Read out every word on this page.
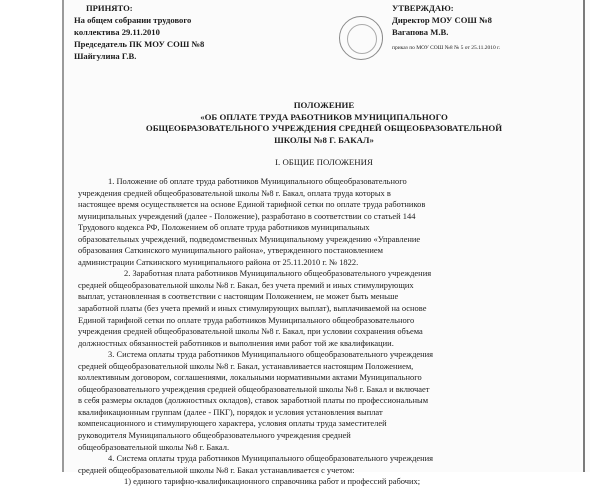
ПРИНЯТО:
На общем собрании трудового
коллектива 29.11.2010
Председатель ПК МОУ СОШ №8
Шайгулина Г.В.
УТВЕРЖДАЮ:
Директор МОУ СОШ №8
Вагапова М.В.
приказ по МОУ СОШ №8 № 5 от 25.11.2010 г.
ПОЛОЖЕНИЕ
«ОБ ОПЛАТЕ ТРУДА РАБОТНИКОВ МУНИЦИПАЛЬНОГО
ОБЩЕОБРАЗОВАТЕЛЬНОГО УЧРЕЖДЕНИЯ СРЕДНЕЙ ОБЩЕОБРАЗОВАТЕЛЬНОЙ
ШКОЛЫ №8 Г. БАКАЛ»
I. ОБЩИЕ ПОЛОЖЕНИЯ
1. Положение об оплате труда работников Муниципального общеобразовательного
учреждения средней общеобразовательной школы №8 г. Бакал, оплата труда которых в
настоящее время осуществляется на основе Единой тарифной сетки по оплате труда работников
муниципальных учреждений (далее - Положение), разработано в соответствии со статьей 144
Трудового кодекса РФ, Положением об оплате труда работников муниципальных
образовательных учреждений, подведомственных Муниципальному учреждению «Управление
образования Саткинского муниципального района», утвержденного постановлением
администрации Саткинского муниципального района от 25.11.2010 г. № 1822.
2. Заработная плата работников Муниципального общеобразовательного учреждения
средней общеобразовательной школы №8 г. Бакал, без учета премий и иных стимулирующих
выплат, установленная в соответствии с настоящим Положением, не может быть меньше
заработной платы (без учета премий и иных стимулирующих выплат), выплачиваемой на основе
Единой тарифной сетки по оплате труда работников Муниципального общеобразовательного
учреждения средней общеобразовательной школы №8 г. Бакал, при условии сохранения объема
должностных обязанностей работников и выполнения ими работ той же квалификации.
3. Система оплаты труда работников Муниципального общеобразовательного учреждения
средней общеобразовательной школы №8 г. Бакал, устанавливается настоящим Положением,
коллективным договором, соглашениями, локальными нормативными актами Муниципального
общеобразовательного учреждения средней общеобразовательной школы №8 г. Бакал и включает
в себя размеры окладов (должностных окладов), ставок заработной платы по профессиональным
квалификационным группам (далее - ПКГ), порядок и условия установления выплат
компенсационного и стимулирующего характера, условия оплаты труда заместителей
руководителя Муниципального общеобразовательного учреждения средней
общеобразовательной школы №8 г. Бакал.
4. Система оплаты труда работников Муниципального общеобразовательного учреждения
средней общеобразовательной школы №8 г. Бакал устанавливается с учетом:
1) единого тарифно-квалификационного справочника работ и профессий рабочих;
